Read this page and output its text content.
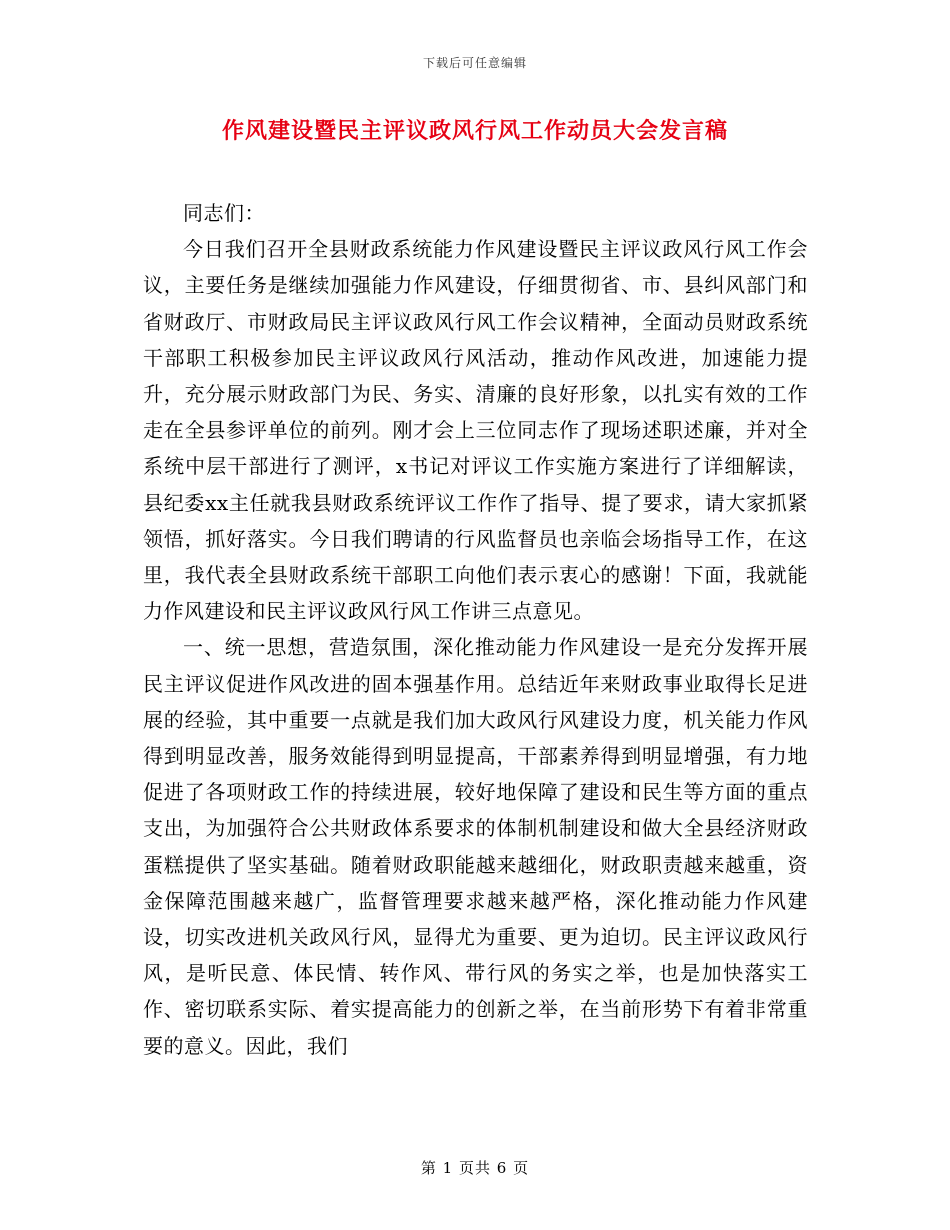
下载后可任意编辑
作风建设暨民主评议政风行风工作动员大会发言稿

同志们：

今日我们召开全县财政系统能力作风建设暨民主评议政风行风工作会议，主要任务是继续加强能力作风建设，仔细贯彻省、市、县纠风部门和省财政厅、市财政局民主评议政风行风工作会议精神，全面动员财政系统干部职工积极参加民主评议政风行风活动，推动作风改进，加速能力提升，充分展示财政部门为民、务实、清廉的良好形象，以扎实有效的工作走在全县参评单位的前列。刚才会上三位同志作了现场述职述廉，并对全系统中层干部进行了测评，x书记对评议工作实施方案进行了详细解读，县纪委xx主任就我县财政系统评议工作作了指导、提了要求，请大家抓紧领悟，抓好落实。今日我们聘请的行风监督员也亲临会场指导工作，在这里，我代表全县财政系统干部职工向他们表示衷心的感谢！下面，我就能力作风建设和民主评议政风行风工作讲三点意见。

一、统一思想，营造氛围，深化推动能力作风建设一是充分发挥开展民主评议促进作风改进的固本强基作用。总结近年来财政事业取得长足进展的经验，其中重要一点就是我们加大政风行风建设力度，机关能力作风得到明显改善，服务效能得到明显提高，干部素养得到明显增强，有力地促进了各项财政工作的持续进展，较好地保障了建设和民生等方面的重点支出，为加强符合公共财政体系要求的体制机制建设和做大全县经济财政蛋糕提供了坚实基础。随着财政职能越来越细化，财政职责越来越重，资金保障范围越来越广，监督管理要求越来越严格，深化推动能力作风建设，切实改进机关政风行风，显得尤为重要、更为迫切。民主评议政风行风，是听民意、体民情、转作风、带行风的务实之举，也是加快落实工作、密切联系实际、着实提高能力的创新之举，在当前形势下有着非常重要的意义。因此，我们

第 1 页共 6 页
